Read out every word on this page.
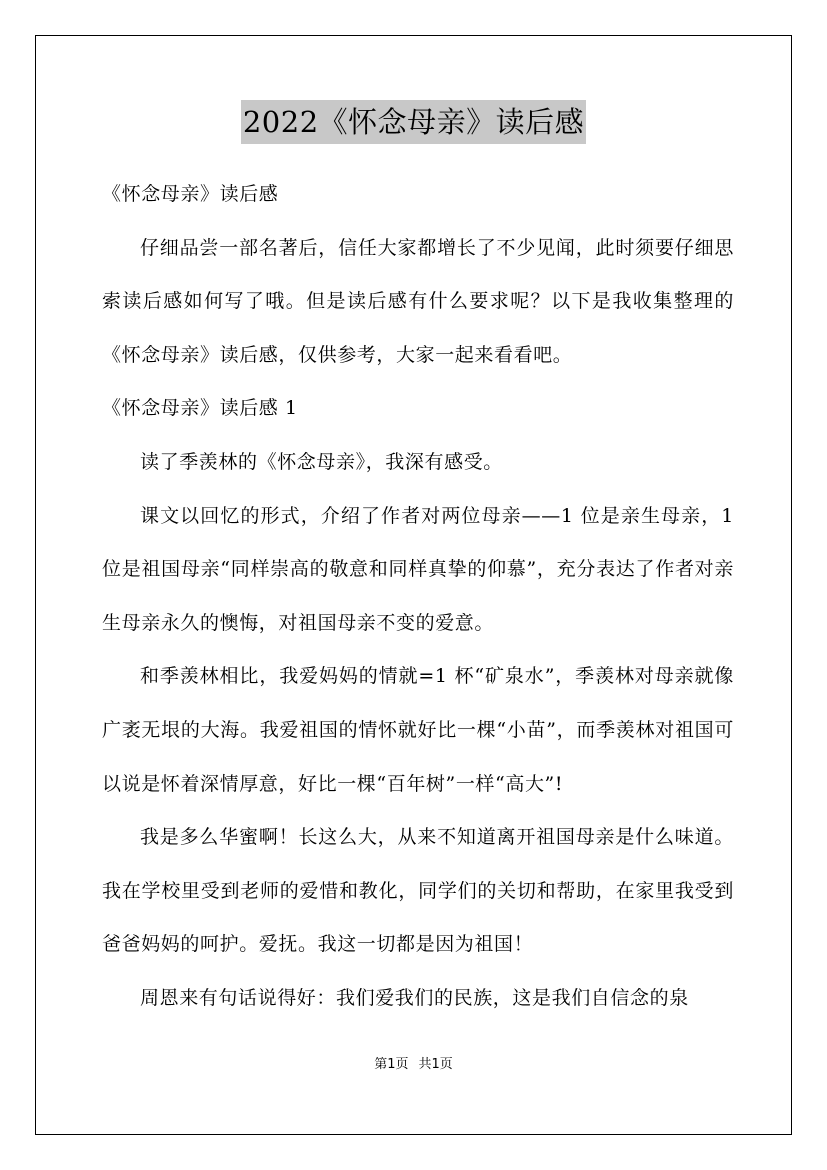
2022《怀念母亲》读后感

《怀念母亲》读后感

仔细品尝一部名著后，信任大家都增长了不少见闻，此时须要仔细思索读后感如何写了哦。但是读后感有什么要求呢？以下是我收集整理的《怀念母亲》读后感，仅供参考，大家一起来看看吧。

《怀念母亲》读后感 1

读了季羡林的《怀念母亲》，我深有感受。

课文以回忆的形式，介绍了作者对两位母亲——1 位是亲生母亲，1 位是祖国母亲“同样崇高的敬意和同样真挚的仰慕”，充分表达了作者对亲生母亲永久的懊悔，对祖国母亲不变的爱意。

和季羡林相比，我爱妈妈的情就=1 杯“矿泉水”，季羡林对母亲就像广袤无垠的大海。我爱祖国的情怀就好比一棵“小苗”，而季羡林对祖国可以说是怀着深情厚意，好比一棵“百年树”一样“高大”!

我是多么华蜜啊！长这么大，从来不知道离开祖国母亲是什么味道。我在学校里受到老师的爱惜和教化，同学们的关切和帮助，在家里我受到爸爸妈妈的呵护。爱抚。我这一切都是因为祖国！

周恩来有句话说得好：我们爱我们的民族，这是我们自信念的泉

第1页 共1页
